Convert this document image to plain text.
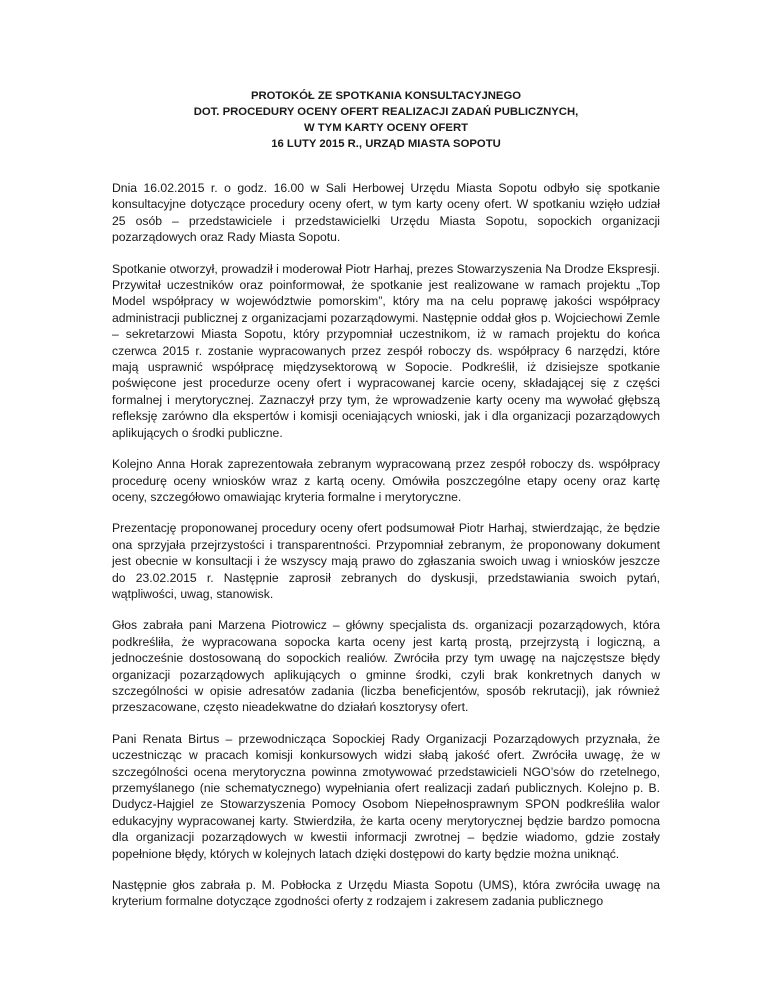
PROTOKÓŁ ZE SPOTKANIA KONSULTACYJNEGO
DOT. PROCEDURY OCENY OFERT REALIZACJI ZADAŃ PUBLICZNYCH,
W TYM KARTY OCENY OFERT
16 LUTY 2015 R., URZĄD MIASTA SOPOTU

Dnia 16.02.2015 r. o godz. 16.00 w Sali Herbowej Urzędu Miasta Sopotu odbyło się spotkanie konsultacyjne dotyczące procedury oceny ofert, w tym karty oceny ofert. W spotkaniu wzięło udział 25 osób – przedstawiciele i przedstawicielki Urzędu Miasta Sopotu, sopockich organizacji pozarządowych oraz Rady Miasta Sopotu.

Spotkanie otworzył, prowadził i moderował Piotr Harhaj, prezes Stowarzyszenia Na Drodze Ekspresji. Przywitał uczestników oraz poinformował, że spotkanie jest realizowane w ramach projektu „Top Model współpracy w województwie pomorskim”, który ma na celu poprawę jakości współpracy administracji publicznej z organizacjami pozarządowymi. Następnie oddał głos p. Wojciechowi Zemle – sekretarzowi Miasta Sopotu, który przypomniał uczestnikom, iż w ramach projektu do końca czerwca 2015 r. zostanie wypracowanych przez zespół roboczy ds. współpracy 6 narzędzi, które mają usprawnić współpracę międzysektorową w Sopocie. Podkreślił, iż dzisiejsze spotkanie poświęcone jest procedurze oceny ofert i wypracowanej karcie oceny, składającej się z części formalnej i merytorycznej. Zaznaczył przy tym, że wprowadzenie karty oceny ma wywołać głębszą refleksję zarówno dla ekspertów i komisji oceniających wnioski, jak i dla organizacji pozarządowych aplikujących o środki publiczne.

Kolejno Anna Horak zaprezentowała zebranym wypracowaną przez zespół roboczy ds. współpracy procedurę oceny wniosków wraz z kartą oceny. Omówiła poszczególne etapy oceny oraz kartę oceny, szczegółowo omawiając kryteria formalne i merytoryczne.

Prezentację proponowanej procedury oceny ofert podsumował Piotr Harhaj, stwierdzając, że będzie ona sprzyjała przejrzystości i transparentności. Przypomniał zebranym, że proponowany dokument jest obecnie w konsultacji i że wszyscy mają prawo do zgłaszania swoich uwag i wniosków jeszcze do 23.02.2015 r. Następnie zaprosił zebranych do dyskusji, przedstawiania swoich pytań, wątpliwości, uwag, stanowisk.

Głos zabrała pani Marzena Piotrowicz – główny specjalista ds. organizacji pozarządowych, która podkreśliła, że wypracowana sopocka karta oceny jest kartą prostą, przejrzystą i logiczną, a jednocześnie dostosowaną do sopockich realiów. Zwróciła przy tym uwagę na najczęstsze błędy organizacji pozarządowych aplikujących o gminne środki, czyli brak konkretnych danych w szczególności w opisie adresatów zadania (liczba beneficjentów, sposób rekrutacji), jak również przeszacowane, często nieadekwatne do działań kosztorysy ofert.

Pani Renata Birtus – przewodnicząca Sopockiej Rady Organizacji Pozarządowych przyznała, że uczestnicząc w pracach komisji konkursowych widzi słabą jakość ofert. Zwróciła uwagę, że w szczególności ocena merytoryczna powinna zmotywować przedstawicieli NGO’sów do rzetelnego, przemyślanego (nie schematycznego) wypełniania ofert realizacji zadań publicznych. Kolejno p. B. Dudycz-Hajgiel ze Stowarzyszenia Pomocy Osobom Niepełnosprawnym SPON podkreśliła walor edukacyjny wypracowanej karty. Stwierdziła, że karta oceny merytorycznej będzie bardzo pomocna dla organizacji pozarządowych w kwestii informacji zwrotnej – będzie wiadomo, gdzie zostały popełnione błędy, których w kolejnych latach dzięki dostępowi do karty będzie można uniknąć.

Następnie głos zabrała p. M. Pobłocka z Urzędu Miasta Sopotu (UMS), która zwróciła uwagę na kryterium formalne dotyczące zgodności oferty z rodzajem i zakresem zadania publicznego
